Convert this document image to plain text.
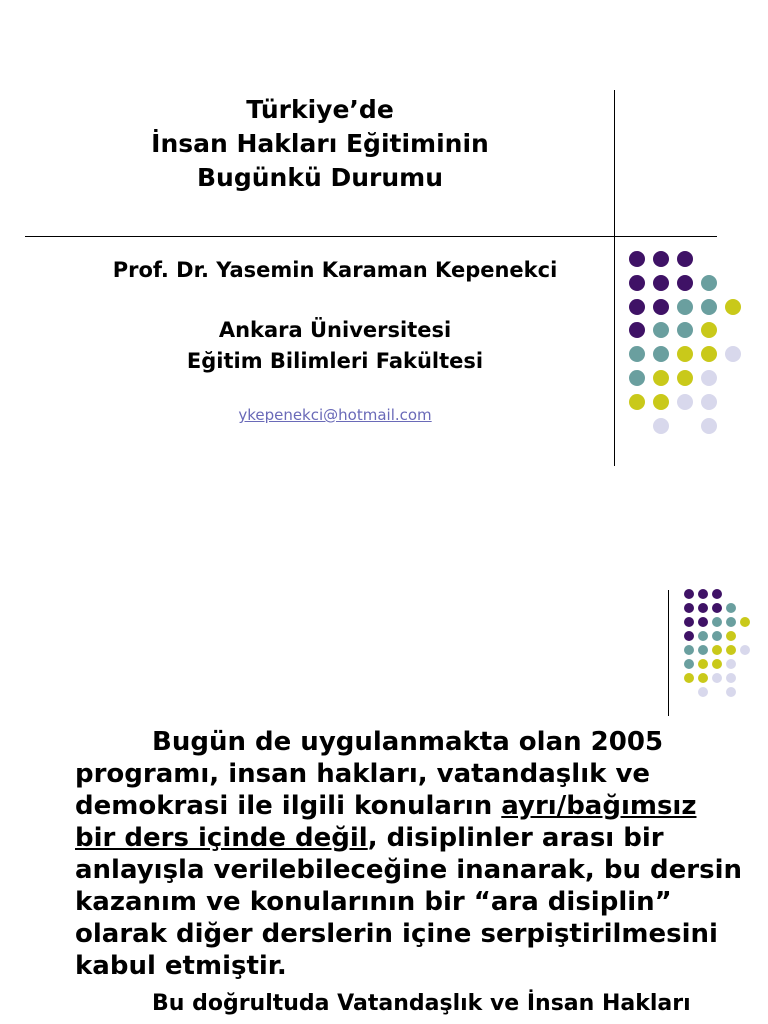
Türkiye’de
İnsan Hakları Eğitiminin
Bugünkü Durumu
Prof. Dr. Yasemin Karaman Kepenekci
Ankara Üniversitesi
Eğitim Bilimleri Fakültesi
ykepenekci@hotmail.com
Bugün de uygulanmakta olan 2005
programı, insan hakları, vatandaşlık ve
demokrasi ile ilgili konuların ayrı/bağımsız
bir ders içinde değil, disiplinler arası bir
anlayışla verilebileceğine inanarak, bu dersin
kazanım ve konularının bir “ara disiplin”
olarak diğer derslerin içine serpiştirilmesini
kabul etmiştir.
Bu doğrultuda Vatandaşlık ve İnsan Hakları
